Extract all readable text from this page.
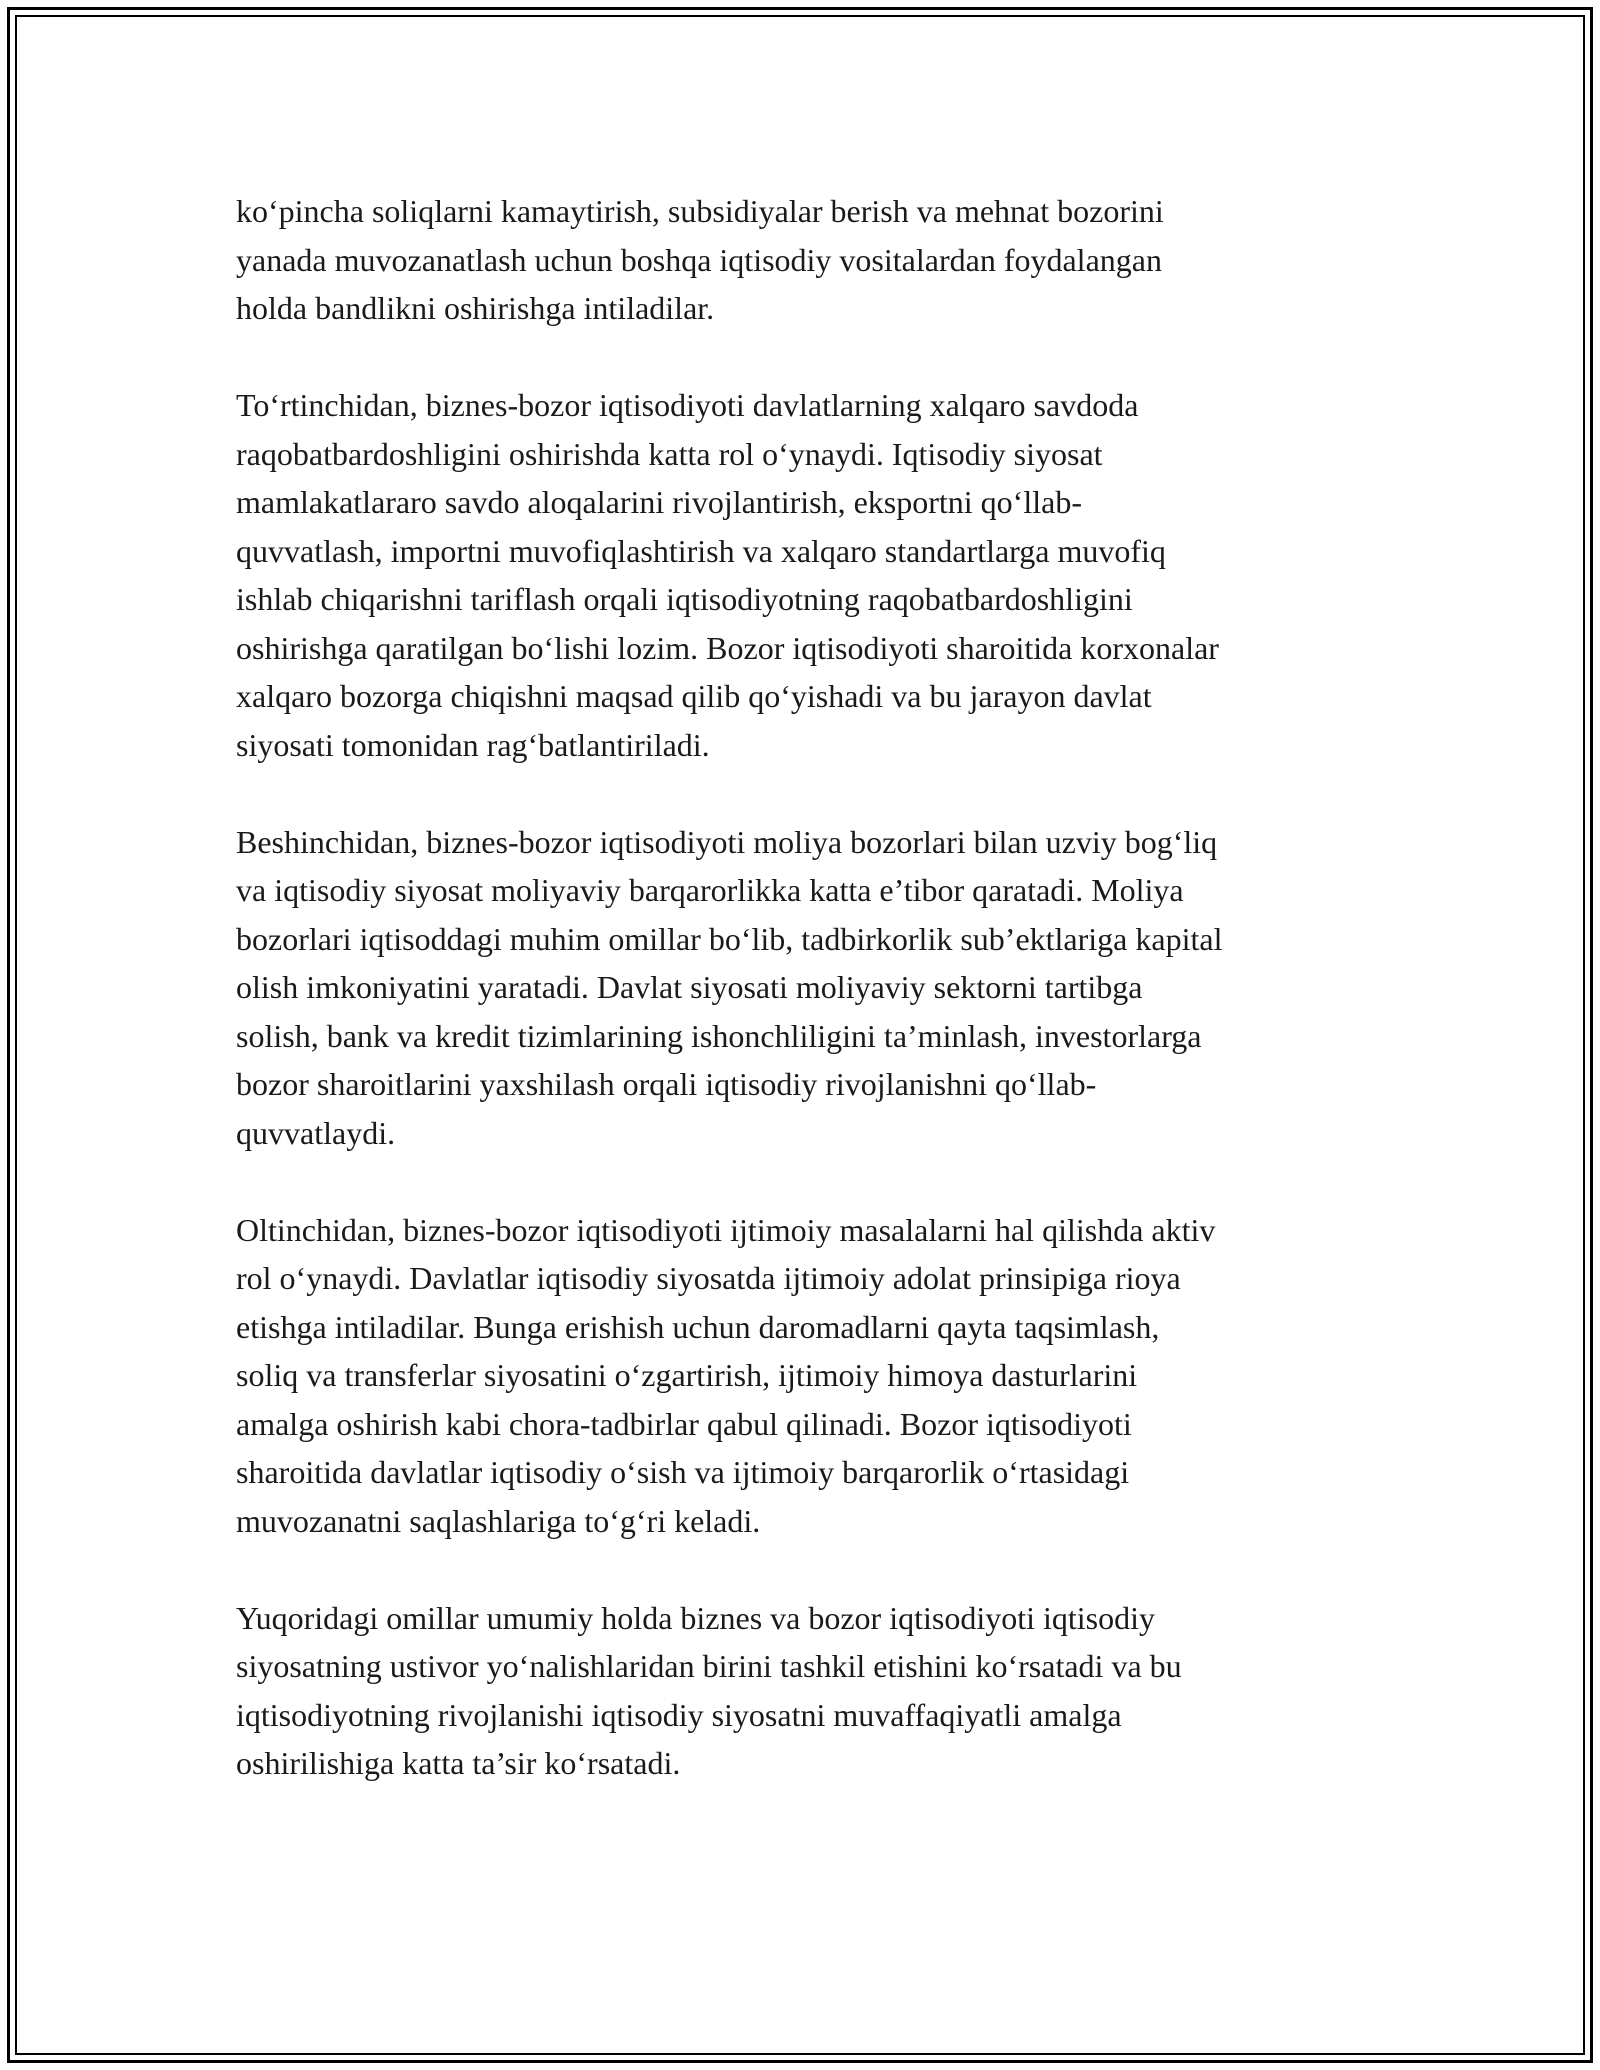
ko‘pincha soliqlarni kamaytirish, subsidiyalar berish va mehnat bozorini
yanada muvozanatlash uchun boshqa iqtisodiy vositalardan foydalangan
holda bandlikni oshirishga intiladilar.

To‘rtinchidan, biznes-bozor iqtisodiyoti davlatlarning xalqaro savdoda
raqobatbardoshligini oshirishda katta rol o‘ynaydi. Iqtisodiy siyosat
mamlakatlararo savdo aloqalarini rivojlantirish, eksportni qo‘llab-
quvvatlash, importni muvofiqlashtirish va xalqaro standartlarga muvofiq
ishlab chiqarishni tariflash orqali iqtisodiyotning raqobatbardoshligini
oshirishga qaratilgan bo‘lishi lozim. Bozor iqtisodiyoti sharoitida korxonalar
xalqaro bozorga chiqishni maqsad qilib qo‘yishadi va bu jarayon davlat
siyosati tomonidan rag‘batlantiriladi.

Beshinchidan, biznes-bozor iqtisodiyoti moliya bozorlari bilan uzviy bog‘liq
va iqtisodiy siyosat moliyaviy barqarorlikka katta e’tibor qaratadi. Moliya
bozorlari iqtisoddagi muhim omillar bo‘lib, tadbirkorlik sub’ektlariga kapital
olish imkoniyatini yaratadi. Davlat siyosati moliyaviy sektorni tartibga
solish, bank va kredit tizimlarining ishonchliligini ta’minlash, investorlarga
bozor sharoitlarini yaxshilash orqali iqtisodiy rivojlanishni qo‘llab-
quvvatlaydi.

Oltinchidan, biznes-bozor iqtisodiyoti ijtimoiy masalalarni hal qilishda aktiv
rol o‘ynaydi. Davlatlar iqtisodiy siyosatda ijtimoiy adolat prinsipiga rioya
etishga intiladilar. Bunga erishish uchun daromadlarni qayta taqsimlash,
soliq va transferlar siyosatini o‘zgartirish, ijtimoiy himoya dasturlarini
amalga oshirish kabi chora-tadbirlar qabul qilinadi. Bozor iqtisodiyoti
sharoitida davlatlar iqtisodiy o‘sish va ijtimoiy barqarorlik o‘rtasidagi
muvozanatni saqlashlariga to‘g‘ri keladi.

Yuqoridagi omillar umumiy holda biznes va bozor iqtisodiyoti iqtisodiy
siyosatning ustivor yo‘nalishlaridan birini tashkil etishini ko‘rsatadi va bu
iqtisodiyotning rivojlanishi iqtisodiy siyosatni muvaffaqiyatli amalga
oshirilishiga katta ta’sir ko‘rsatadi.
